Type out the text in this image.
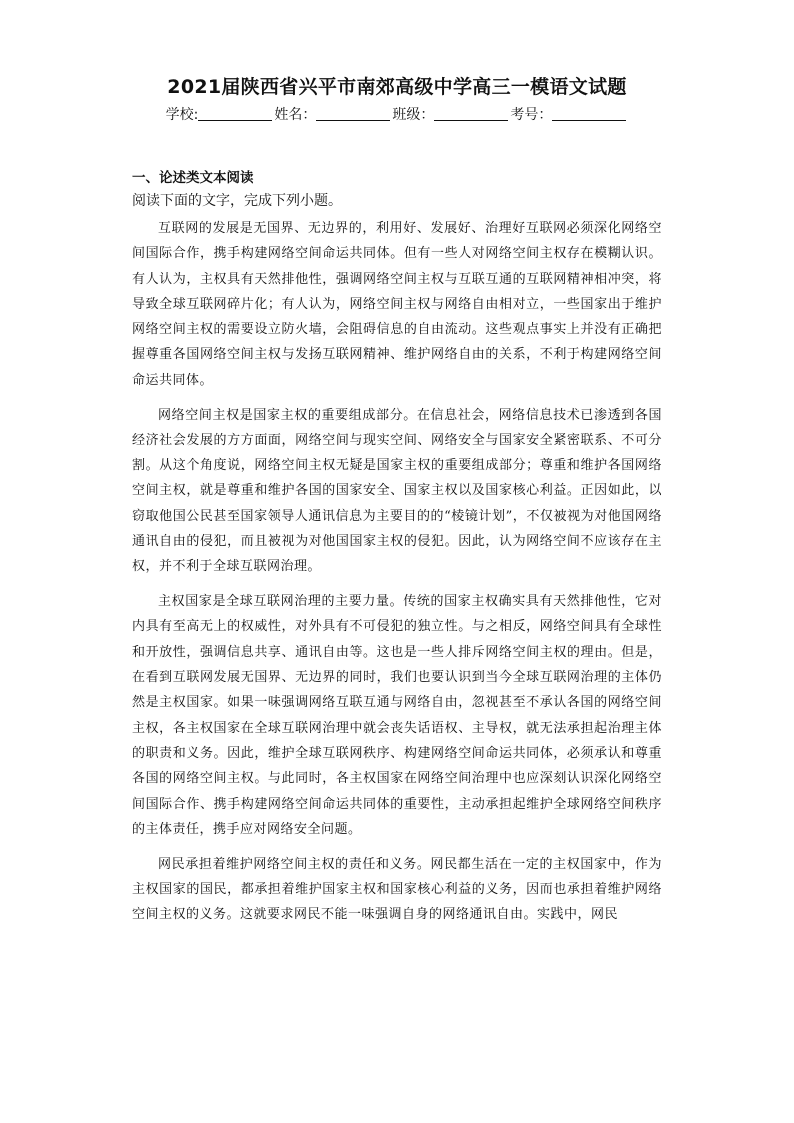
2021届陕西省兴平市南郊高级中学高三一模语文试题
学校:	姓名：	班级：	考号：
一、论述类文本阅读
阅读下面的文字，完成下列小题。

互联网的发展是无国界、无边界的，利用好、发展好、治理好互联网必须深化网络空间国际合作，携手构建网络空间命运共同体。但有一些人对网络空间主权存在模糊认识。有人认为，主权具有天然排他性，强调网络空间主权与互联互通的互联网精神相冲突，将导致全球互联网碎片化；有人认为，网络空间主权与网络自由相对立，一些国家出于维护网络空间主权的需要设立防火墙，会阻碍信息的自由流动。这些观点事实上并没有正确把握尊重各国网络空间主权与发扬互联网精神、维护网络自由的关系，不利于构建网络空间命运共同体。

网络空间主权是国家主权的重要组成部分。在信息社会，网络信息技术已渗透到各国经济社会发展的方方面面，网络空间与现实空间、网络安全与国家安全紧密联系、不可分割。从这个角度说，网络空间主权无疑是国家主权的重要组成部分；尊重和维护各国网络空间主权，就是尊重和维护各国的国家安全、国家主权以及国家核心利益。正因如此，以窃取他国公民甚至国家领导人通讯信息为主要目的的“棱镜计划”，不仅被视为对他国网络通讯自由的侵犯，而且被视为对他国国家主权的侵犯。因此，认为网络空间不应该存在主权，并不利于全球互联网治理。

主权国家是全球互联网治理的主要力量。传统的国家主权确实具有天然排他性，它对内具有至高无上的权威性，对外具有不可侵犯的独立性。与之相反，网络空间具有全球性和开放性，强调信息共享、通讯自由等。这也是一些人排斥网络空间主权的理由。但是，在看到互联网发展无国界、无边界的同时，我们也要认识到当今全球互联网治理的主体仍然是主权国家。如果一味强调网络互联互通与网络自由，忽视甚至不承认各国的网络空间主权，各主权国家在全球互联网治理中就会丧失话语权、主导权，就无法承担起治理主体的职责和义务。因此，维护全球互联网秩序、构建网络空间命运共同体，必须承认和尊重各国的网络空间主权。与此同时，各主权国家在网络空间治理中也应深刻认识深化网络空间国际合作、携手构建网络空间命运共同体的重要性，主动承担起维护全球网络空间秩序的主体责任，携手应对网络安全问题。

网民承担着维护网络空间主权的责任和义务。网民都生活在一定的主权国家中，作为主权国家的国民，都承担着维护国家主权和国家核心利益的义务，因而也承担着维护网络空间主权的义务。这就要求网民不能一味强调自身的网络通讯自由。实践中，网民
